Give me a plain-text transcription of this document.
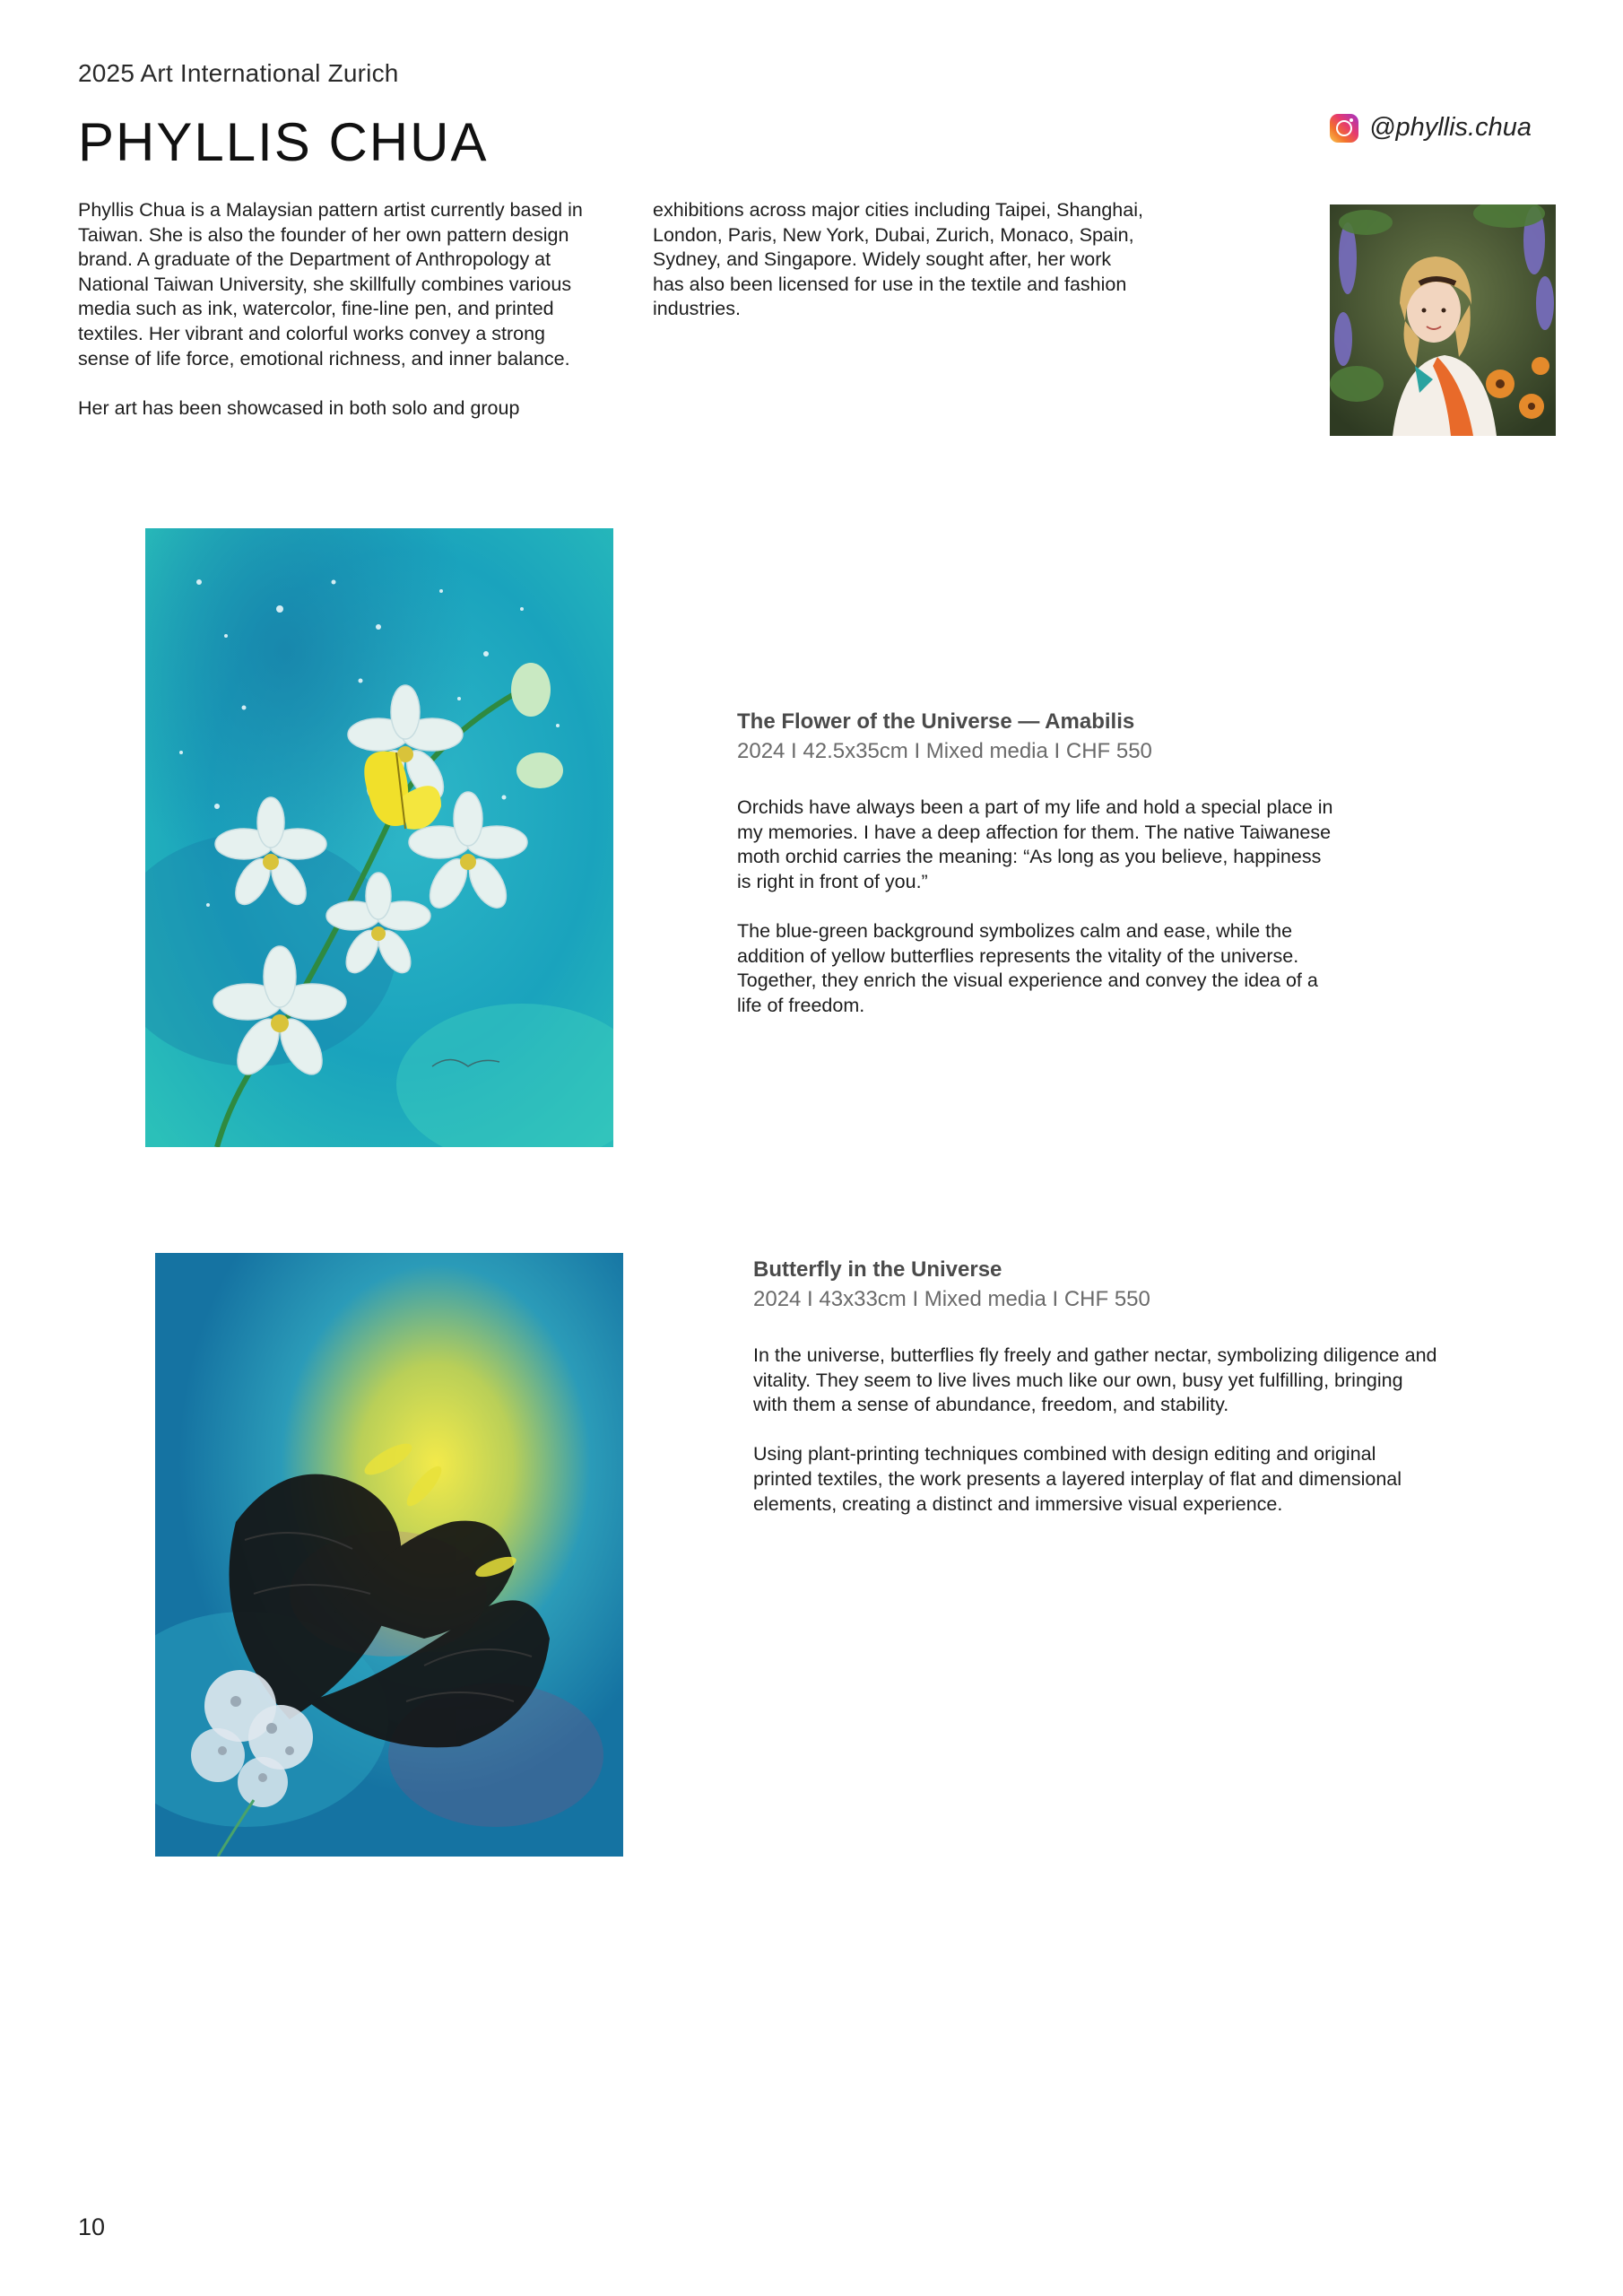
2025 Art International Zurich
PHYLLIS CHUA	@phyllis.chua
Phyllis Chua is a Malaysian pattern artist currently based in
Taiwan. She is also the founder of her own pattern design
brand. A graduate of the Department of Anthropology at
National Taiwan University, she skillfully combines various
media such as ink, watercolor, fine-line pen, and printed
textiles. Her vibrant and colorful works convey a strong
sense of life force, emotional richness, and inner balance.

Her art has been showcased in both solo and group
exhibitions across major cities including Taipei, Shanghai,
London, Paris, New York, Dubai, Zurich, Monaco, Spain,
Sydney, and Singapore. Widely sought after, her work
has also been licensed for use in the textile and fashion
industries.
The Flower of the Universe — Amabilis
2024 I 42.5x35cm I Mixed media I CHF 550
Orchids have always been a part of my life and hold a special place in
my memories. I have a deep affection for them. The native Taiwanese
moth orchid carries the meaning: “As long as you believe, happiness
is right in front of you.”

The blue-green background symbolizes calm and ease, while the
addition of yellow butterflies represents the vitality of the universe.
Together, they enrich the visual experience and convey the idea of a
life of freedom.
Butterfly in the Universe
2024 I 43x33cm I Mixed media I CHF 550
In the universe, butterflies fly freely and gather nectar, symbolizing diligence and
vitality. They seem to live lives much like our own, busy yet fulfilling, bringing
with them a sense of abundance, freedom, and stability.

Using plant-printing techniques combined with design editing and original
printed textiles, the work presents a layered interplay of flat and dimensional
elements, creating a distinct and immersive visual experience.
10
